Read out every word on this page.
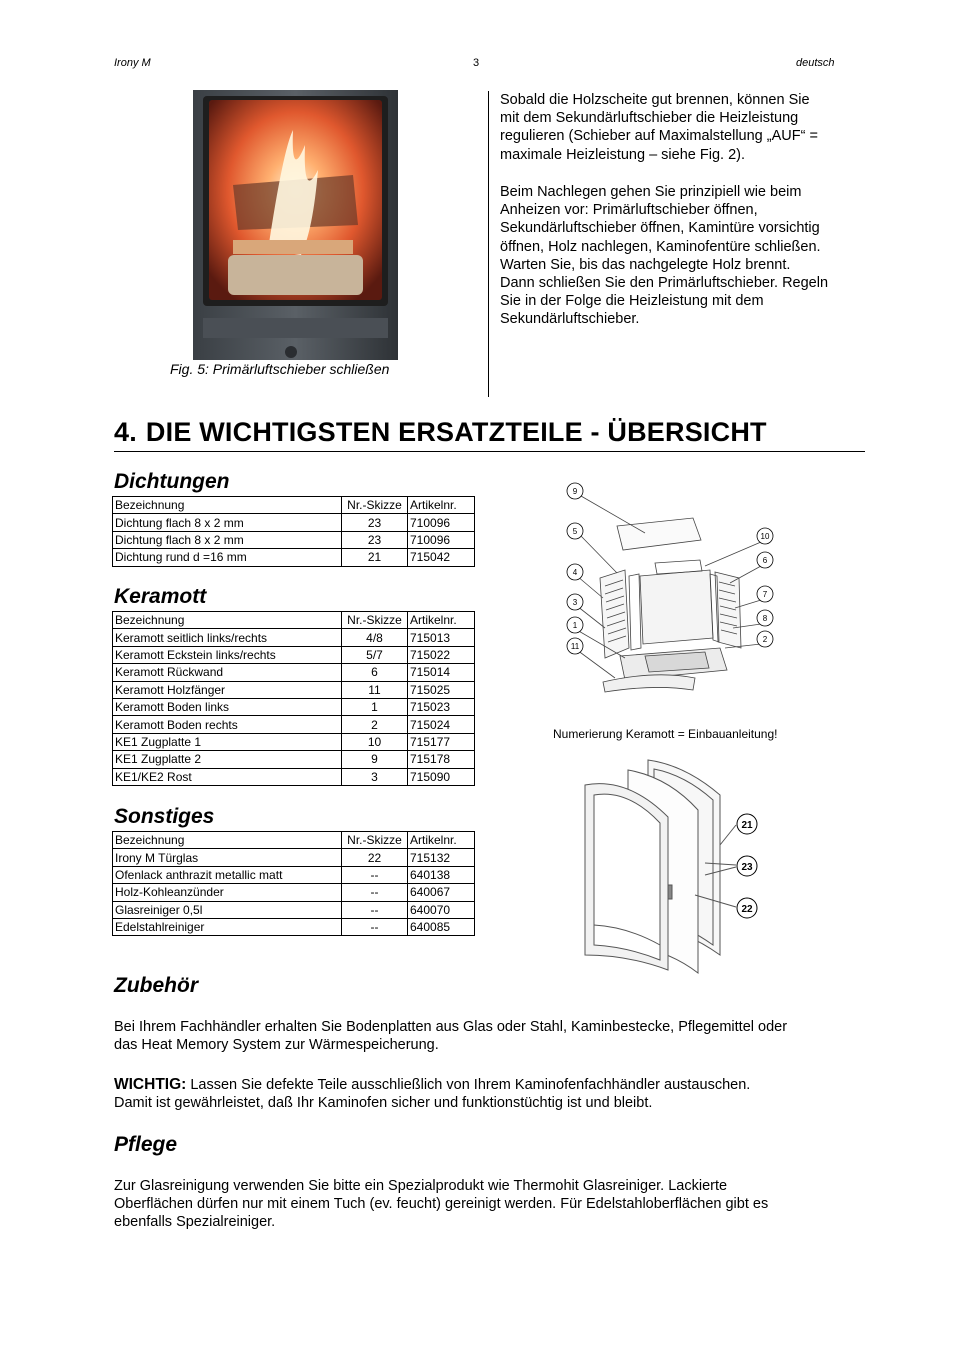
Irony M	3	deutsch
Fig. 5: Primärluftschieber schließen
Sobald die Holzscheite gut brennen, können Sie
mit dem Sekundärluftschieber die Heizleistung
regulieren (Schieber auf Maximalstellung „AUF“ =
maximale Heizleistung – siehe Fig. 2).
Beim Nachlegen gehen Sie prinzipiell wie beim
Anheizen vor: Primärluftschieber öffnen,
Sekundärluftschieber öffnen, Kamintüre vorsichtig
öffnen, Holz nachlegen, Kaminofentüre schließen.
Warten Sie, bis das nachgelegte Holz brennt.
Dann schließen Sie den Primärluftschieber. Regeln
Sie in der Folge die Heizleistung mit dem
Sekundärluftschieber.
4. DIE WICHTIGSTEN ERSATZTEILE - ÜBERSICHT
Dichtungen
Bezeichnung	Nr.-Skizze	Artikelnr.
Dichtung flach 8 x 2 mm	23	710096
Dichtung flach 8 x 2 mm	23	710096
Dichtung rund d =16 mm	21	715042
Keramott
Bezeichnung	Nr.-Skizze	Artikelnr.
Keramott seitlich links/rechts	4/8	715013
Keramott Eckstein links/rechts	5/7	715022
Keramott Rückwand	6	715014
Keramott Holzfänger	11	715025
Keramott Boden links	1	715023
Keramott Boden rechts	2	715024
KE1 Zugplatte 1	10	715177
KE1 Zugplatte 2	9	715178
KE1/KE2 Rost	3	715090
Sonstiges
Bezeichnung	Nr.-Skizze	Artikelnr.
Irony M Türglas	22	715132
Ofenlack anthrazit metallic matt	--	640138
Holz-Kohleanzünder	--	640067
Glasreiniger 0,5l	--	640070
Edelstahlreiniger	--	640085
9
5
10
6
4
7
3
8
1
2
11
Numerierung Keramott = Einbauanleitung!
21
23
22
Zubehör
Bei Ihrem Fachhändler erhalten Sie Bodenplatten aus Glas oder Stahl, Kaminbestecke, Pflegemittel oder
das Heat Memory System zur Wärmespeicherung.
WICHTIG: Lassen Sie defekte Teile ausschließlich von Ihrem Kaminofenfachhändler austauschen.
Damit ist gewährleistet, daß Ihr Kaminofen sicher und funktionstüchtig ist und bleibt.
Pflege
Zur Glasreinigung verwenden Sie bitte ein Spezialprodukt wie Thermohit Glasreiniger. Lackierte
Oberflächen dürfen nur mit einem Tuch (ev. feucht) gereinigt werden. Für Edelstahloberflächen gibt es
ebenfalls Spezialreiniger.
